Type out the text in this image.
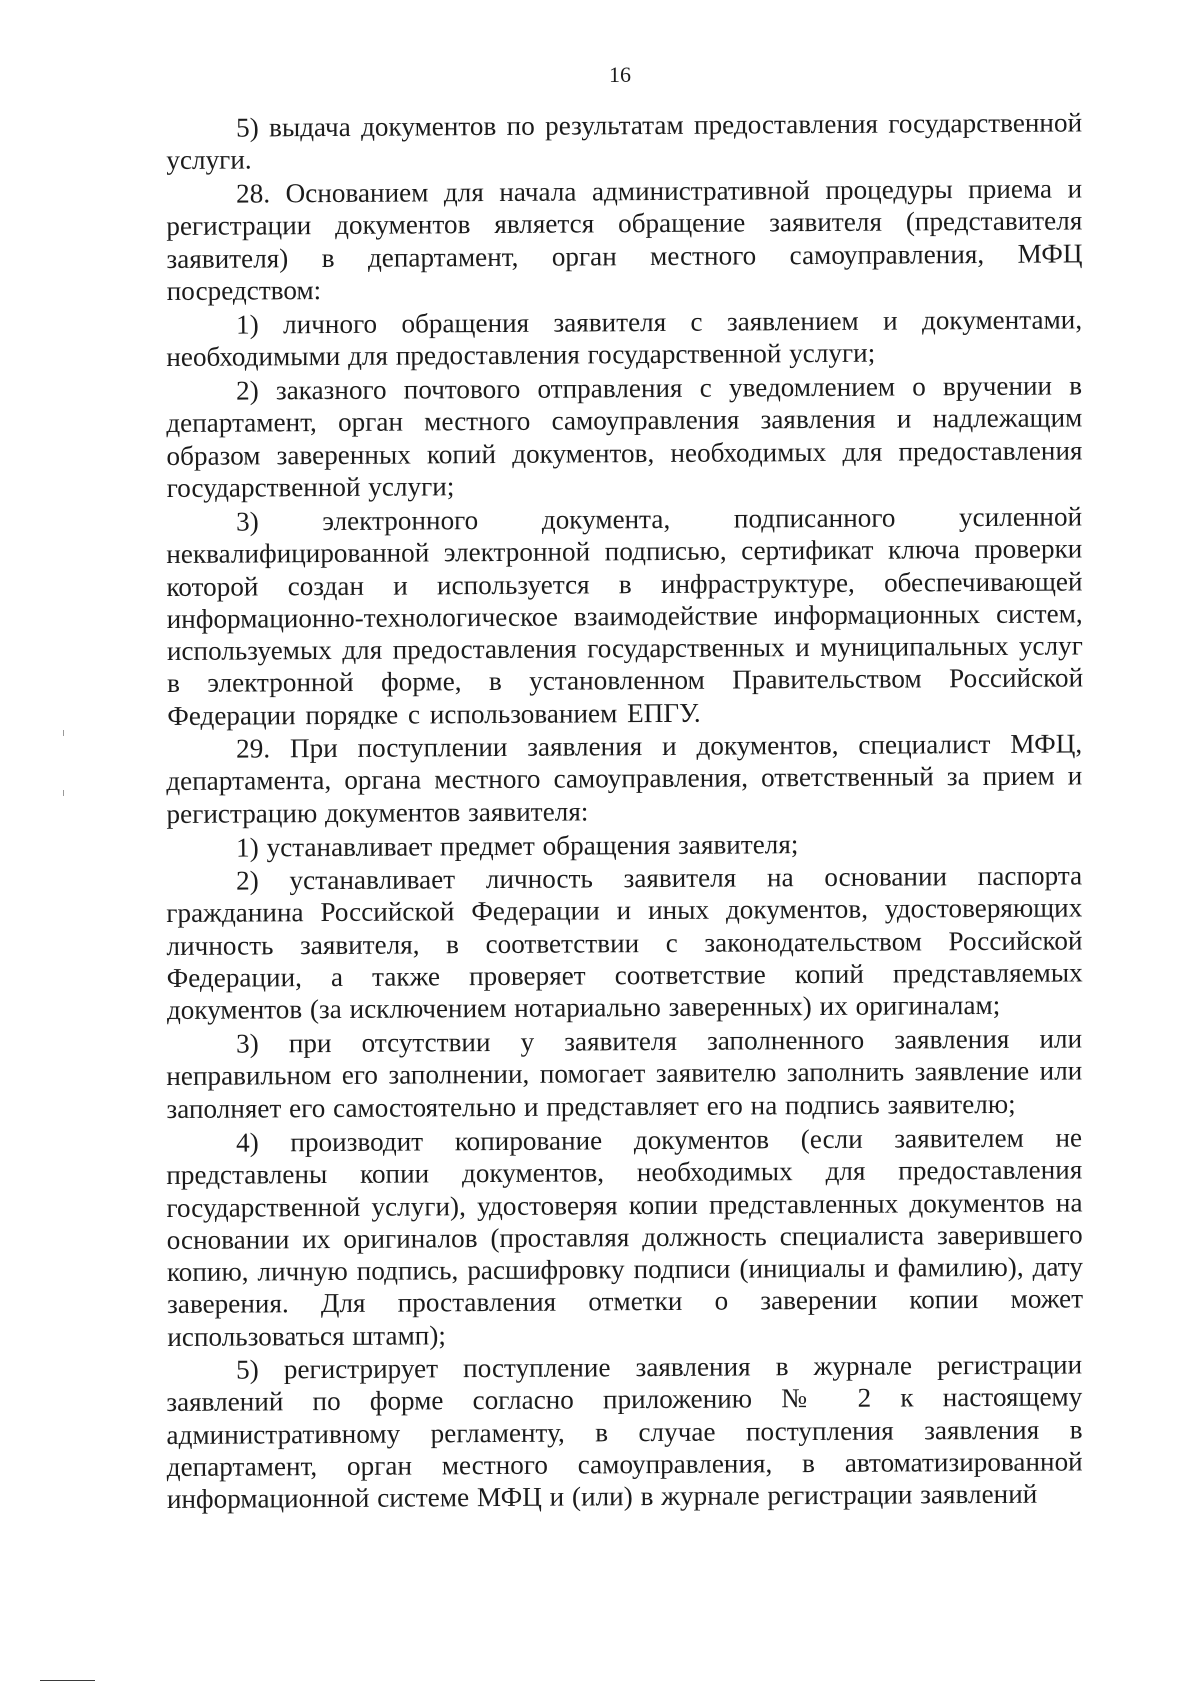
16

5) выдача документов по результатам предоставления государственной услуги.

28. Основанием для начала административной процедуры приема и регистрации документов является обращение заявителя (представителя заявителя) в департамент, орган местного самоуправления, МФЦ посредством:

1) личного обращения заявителя с заявлением и документами, необходимыми для предоставления государственной услуги;

2) заказного почтового отправления с уведомлением о вручении в департамент, орган местного самоуправления заявления и надлежащим образом заверенных копий документов, необходимых для предоставления государственной услуги;

3) электронного документа, подписанного усиленной неквалифицированной электронной подписью, сертификат ключа проверки которой создан и используется в инфраструктуре, обеспечивающей информационно-технологическое взаимодействие информационных систем, используемых для предоставления государственных и муниципальных услуг в электронной форме, в установленном Правительством Российской Федерации порядке с использованием ЕПГУ.

29. При поступлении заявления и документов, специалист МФЦ, департамента, органа местного самоуправления, ответственный за прием и регистрацию документов заявителя:

1) устанавливает предмет обращения заявителя;

2) устанавливает личность заявителя на основании паспорта гражданина Российской Федерации и иных документов, удостоверяющих личность заявителя, в соответствии с законодательством Российской Федерации, а также проверяет соответствие копий представляемых документов (за исключением нотариально заверенных) их оригиналам;

3) при отсутствии у заявителя заполненного заявления или неправильном его заполнении, помогает заявителю заполнить заявление или заполняет его самостоятельно и представляет его на подпись заявителю;

4) производит копирование документов (если заявителем не представлены копии документов, необходимых для предоставления государственной услуги), удостоверяя копии представленных документов на основании их оригиналов (проставляя должность специалиста заверившего копию, личную подпись, расшифровку подписи (инициалы и фамилию), дату заверения. Для проставления отметки о заверении копии может использоваться штамп);

5) регистрирует поступление заявления в журнале регистрации заявлений по форме согласно приложению № 2 к настоящему административному регламенту, в случае поступления заявления в департамент, орган местного самоуправления, в автоматизированной информационной системе МФЦ и (или) в журнале регистрации заявлений
